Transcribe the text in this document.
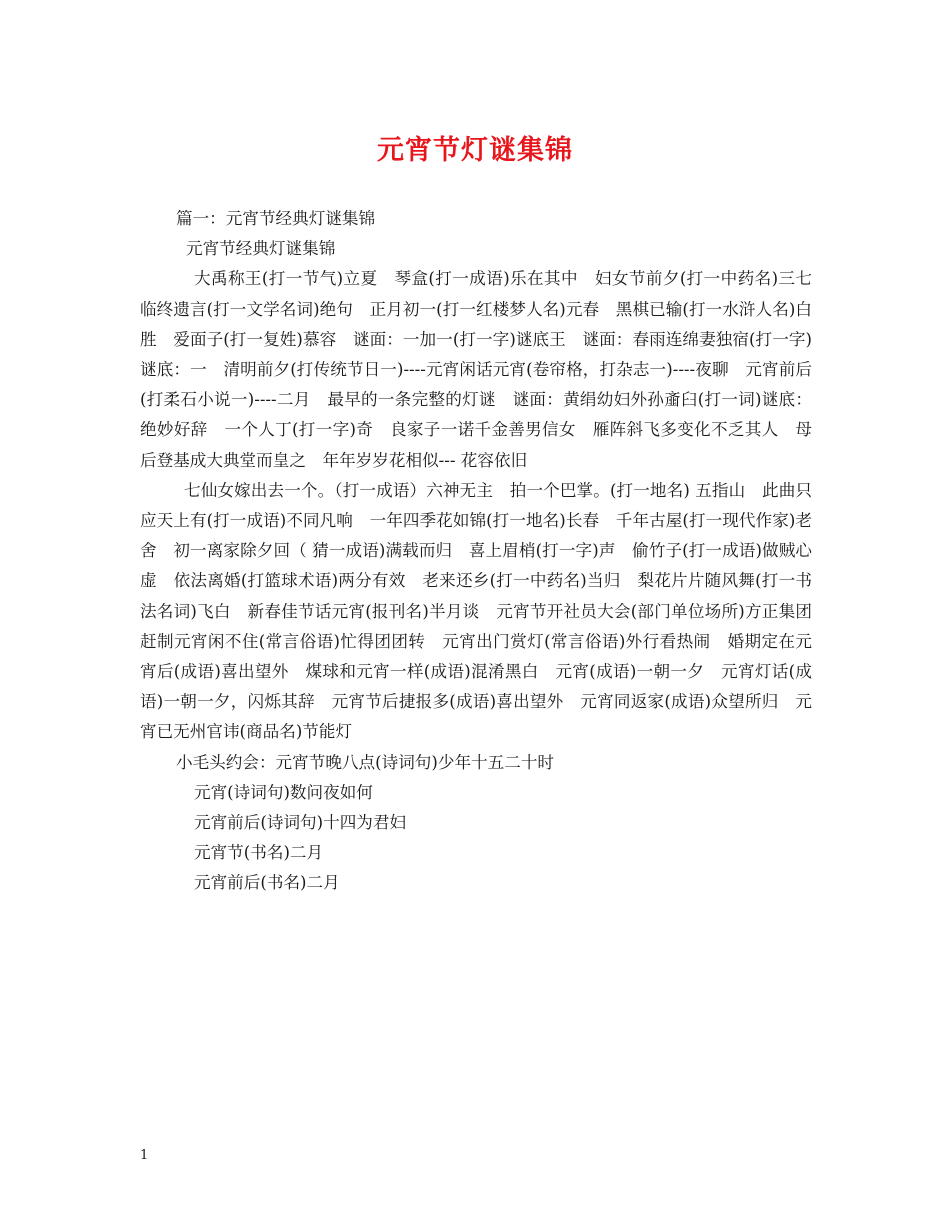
元宵节灯谜集锦

篇一：元宵节经典灯谜集锦

元宵节经典灯谜集锦

大禹称王(打一节气)立夏　琴盒(打一成语)乐在其中　妇女节前夕(打一中药名)三七　临终遗言(打一文学名词)绝句　正月初一(打一红楼梦人名)元春　黑棋已输(打一水浒人名)白胜　爱面子(打一复姓)慕容　谜面：一加一(打一字)谜底王　谜面：春雨连绵妻独宿(打一字)谜底：一　清明前夕(打传统节日一)----元宵闲话元宵(卷帘格，打杂志一)----夜聊　元宵前后(打柔石小说一)----二月　最早的一条完整的灯谜　谜面：黄绢幼妇外孙齑臼(打一词)谜底：绝妙好辞　一个人丁(打一字)奇　良家子一诺千金善男信女　雁阵斜飞多变化不乏其人　母后登基成大典堂而皇之　年年岁岁花相似--- 花容依旧

七仙女嫁出去一个。（打一成语）六神无主　拍一个巴掌。(打一地名) 五指山　此曲只应天上有(打一成语)不同凡响　一年四季花如锦(打一地名)长春　千年古屋(打一现代作家)老舍　初一离家除夕回（ 猜一成语)满载而归　喜上眉梢(打一字)声　偷竹子(打一成语)做贼心虚　依法离婚(打篮球术语)两分有效　老来还乡(打一中药名)当归　梨花片片随风舞(打一书法名词)飞白　新春佳节话元宵(报刊名)半月谈　元宵节开社员大会(部门单位场所)方正集团　赶制元宵闲不住(常言俗语)忙得团团转　元宵出门赏灯(常言俗语)外行看热闹　婚期定在元宵后(成语)喜出望外　煤球和元宵一样(成语)混淆黑白　元宵(成语)一朝一夕　元宵灯话(成语)一朝一夕，闪烁其辞　元宵节后捷报多(成语)喜出望外　元宵同返家(成语)众望所归　元宵已无州官讳(商品名)节能灯

小毛头约会：元宵节晚八点(诗词句)少年十五二十时

元宵(诗词句)数问夜如何

元宵前后(诗词句)十四为君妇

元宵节(书名)二月

元宵前后(书名)二月

1
